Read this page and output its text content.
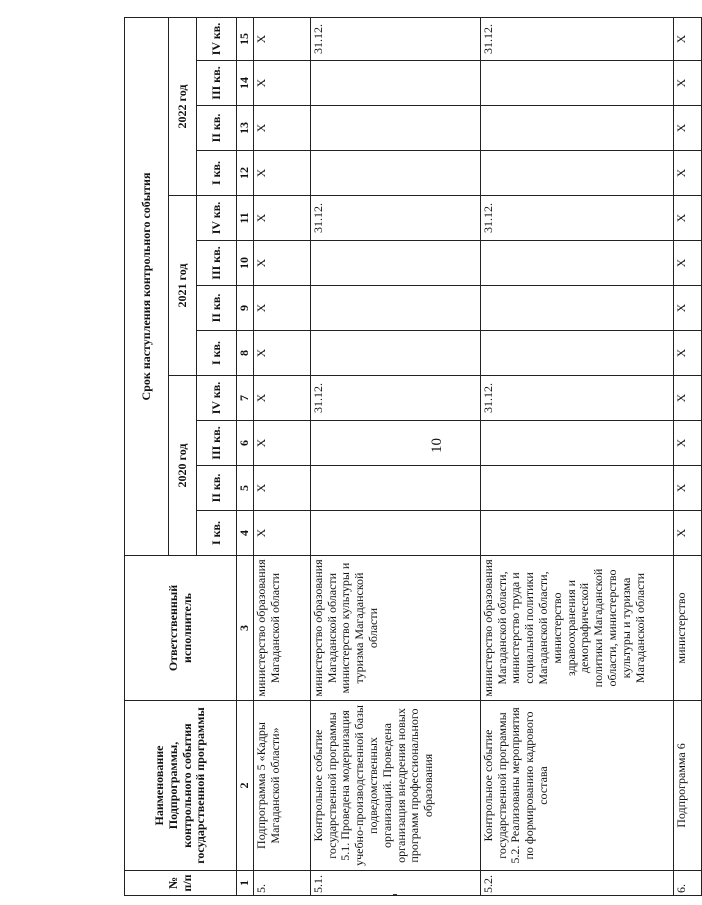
10
№ п/п	Наименование Подпрограммы, контрольного события государственной программы	Ответственный исполнитель	Срок наступления контрольного события											
			2020 год				2021 год				2022 год			
			I кв.	II кв.	III кв.	IV кв.	I кв.	II кв.	III кв.	IV кв.	I кв.	II кв.	III кв.	IV кв.
1	2	3	4	5	6	7	8	9	10	11	12	13	14	15
5.	Подпрограмма 5 «Кадры Магаданской области»	министерство образования Магаданской области	X	X	X	X	X	X	X	X	X	X	X	X
5.1.	Контрольное событие государственной программы 5.1. Проведена модернизация учебно-производственной базы подведомственных организаций. Проведена организация внедрения новых программ профессионального образования	министерство образования Магаданской области министерство культуры и туризма Магаданской области				31.12.				31.12.				31.12.
5.2.	Контрольное событие государственной программы 5.2. Реализованы мероприятия по формированию кадрового состава	министерство образования Магаданской области, министерство труда и социальной политики Магаданской области, министерство здравоохранения и демографической политики Магаданской области, министерство культуры и туризма Магаданской области				31.12.				31.12.				31.12.
6.	Подпрограмма 6	министерство	X	X	X	X	X	X	X	X	X	X	X	X
